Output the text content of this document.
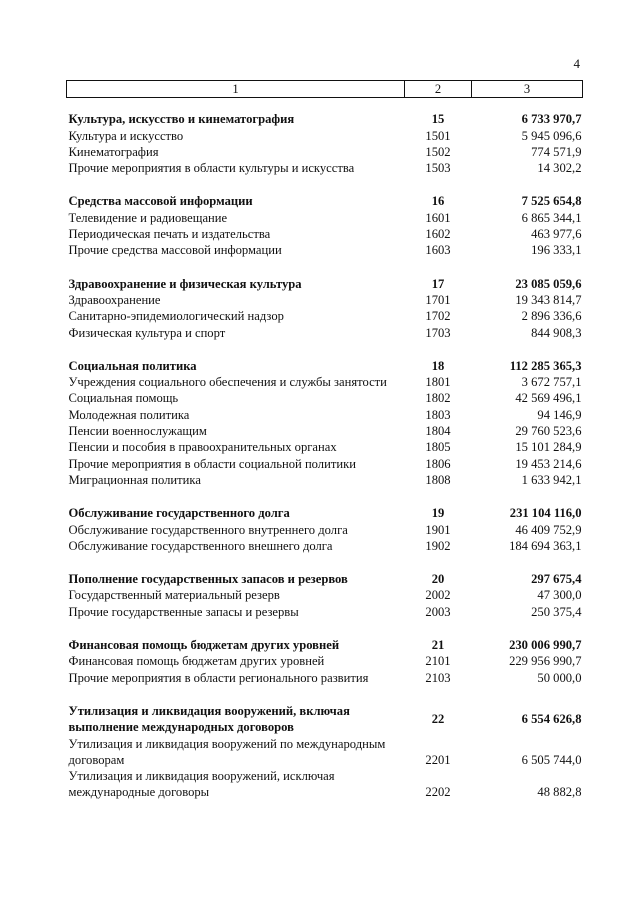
4
1	2	3

Культура, искусство и кинематография	15	6 733 970,7
Культура и искусство	1501	5 945 096,6
Кинематография	1502	774 571,9
Прочие мероприятия в области культуры и искусства	1503	14 302,2

Средства массовой информации	16	7 525 654,8
Телевидение и радиовещание	1601	6 865 344,1
Периодическая печать и издательства	1602	463 977,6
Прочие средства массовой информации	1603	196 333,1

Здравоохранение и физическая культура	17	23 085 059,6
Здравоохранение	1701	19 343 814,7
Санитарно-эпидемиологический надзор	1702	2 896 336,6
Физическая культура и спорт	1703	844 908,3

Социальная политика	18	112 285 365,3
Учреждения социального обеспечения и службы занятости	1801	3 672 757,1
Социальная помощь	1802	42 569 496,1
Молодежная политика	1803	94 146,9
Пенсии военнослужащим	1804	29 760 523,6
Пенсии и пособия в правоохранительных органах	1805	15 101 284,9
Прочие мероприятия в области социальной политики	1806	19 453 214,6
Миграционная политика	1808	1 633 942,1

Обслуживание государственного долга	19	231 104 116,0
Обслуживание государственного внутреннего долга	1901	46 409 752,9
Обслуживание государственного внешнего долга	1902	184 694 363,1

Пополнение государственных запасов и резервов	20	297 675,4
Государственный материальный резерв	2002	47 300,0
Прочие государственные запасы и резервы	2003	250 375,4

Финансовая помощь бюджетам других уровней	21	230 006 990,7
Финансовая помощь бюджетам других уровней	2101	229 956 990,7
Прочие мероприятия в области регионального развития	2103	50 000,0

Утилизация и ликвидация вооружений, включая выполнение международных договоров	22	6 554 626,8
Утилизация и ликвидация вооружений по международным договорам	2201	6 505 744,0
Утилизация и ликвидация вооружений, исключая международные договоры	2202	48 882,8
